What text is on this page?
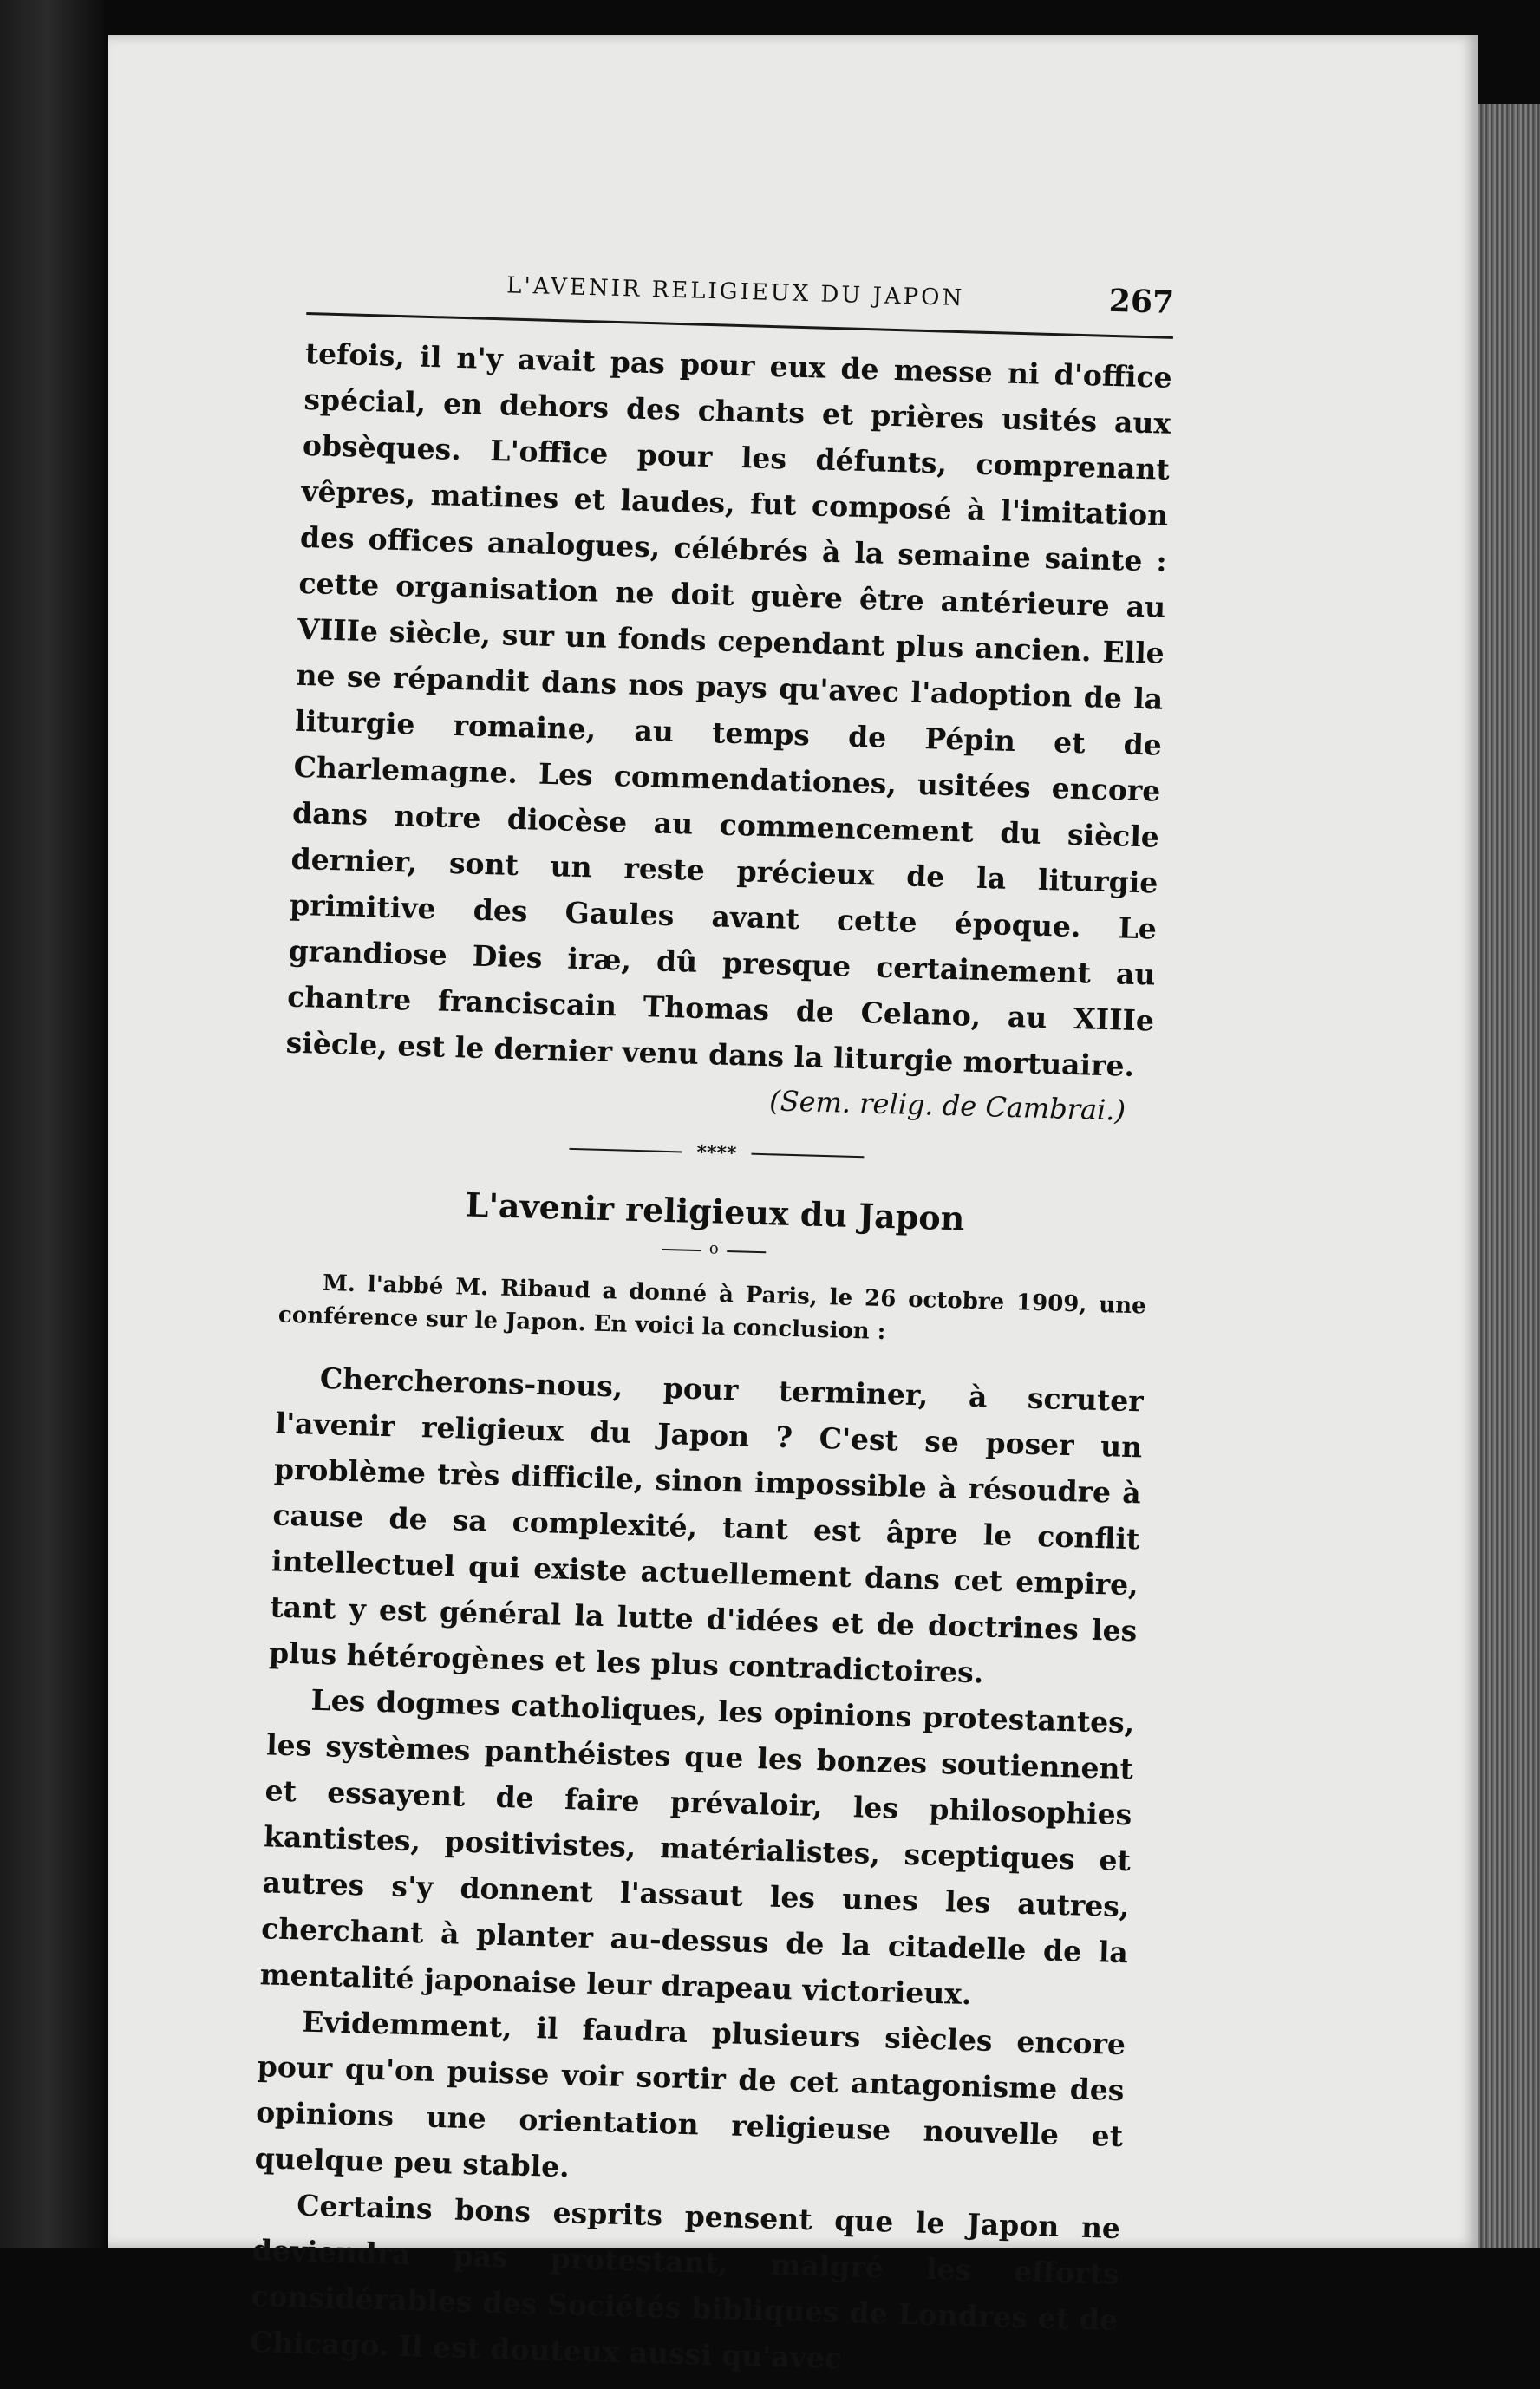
L'AVENIR RELIGIEUX DU JAPON	267

tefois, il n'y avait pas pour eux de messe ni d'office spécial, en dehors des chants et prières usités aux obsèques. L'office pour les défunts, comprenant vêpres, matines et laudes, fut composé à l'imitation des offices analogues, célébrés à la semaine sainte : cette organisation ne doit guère être antérieure au VIIIe siècle, sur un fonds cependant plus ancien. Elle ne se répandit dans nos pays qu'avec l'adoption de la liturgie romaine, au temps de Pépin et de Charlemagne. Les commendationes, usitées encore dans notre diocèse au commencement du siècle dernier, sont un reste précieux de la liturgie primitive des Gaules avant cette époque. Le grandiose Dies iræ, dû presque certainement au chantre franciscain Thomas de Celano, au XIIIe siècle, est le dernier venu dans la liturgie mortuaire.

(Sem. relig. de Cambrai.)

****
L'avenir religieux du Japon
o

M. l'abbé M. Ribaud a donné à Paris, le 26 octobre 1909, une conférence sur le Japon. En voici la conclusion :

Chercherons-nous, pour terminer, à scruter l'avenir religieux du Japon ? C'est se poser un problème très difficile, sinon impossible à résoudre à cause de sa complexité, tant est âpre le conflit intellectuel qui existe actuellement dans cet empire, tant y est général la lutte d'idées et de doctrines les plus hétérogènes et les plus contradictoires.

Les dogmes catholiques, les opinions protestantes, les systèmes panthéistes que les bonzes soutiennent et essayent de faire prévaloir, les philosophies kantistes, positivistes, matérialistes, sceptiques et autres s'y donnent l'assaut les unes les autres, cherchant à planter au-dessus de la citadelle de la mentalité japonaise leur drapeau victorieux.

Evidemment, il faudra plusieurs siècles encore pour qu'on puisse voir sortir de cet antagonisme des opinions une orientation religieuse nouvelle et quelque peu stable.

Certains bons esprits pensent que le Japon ne deviendra pas protestant, malgré les efforts considérables des Sociétés bibliques de Londres et de Chicago. Il est douteux aussi qu'avec
